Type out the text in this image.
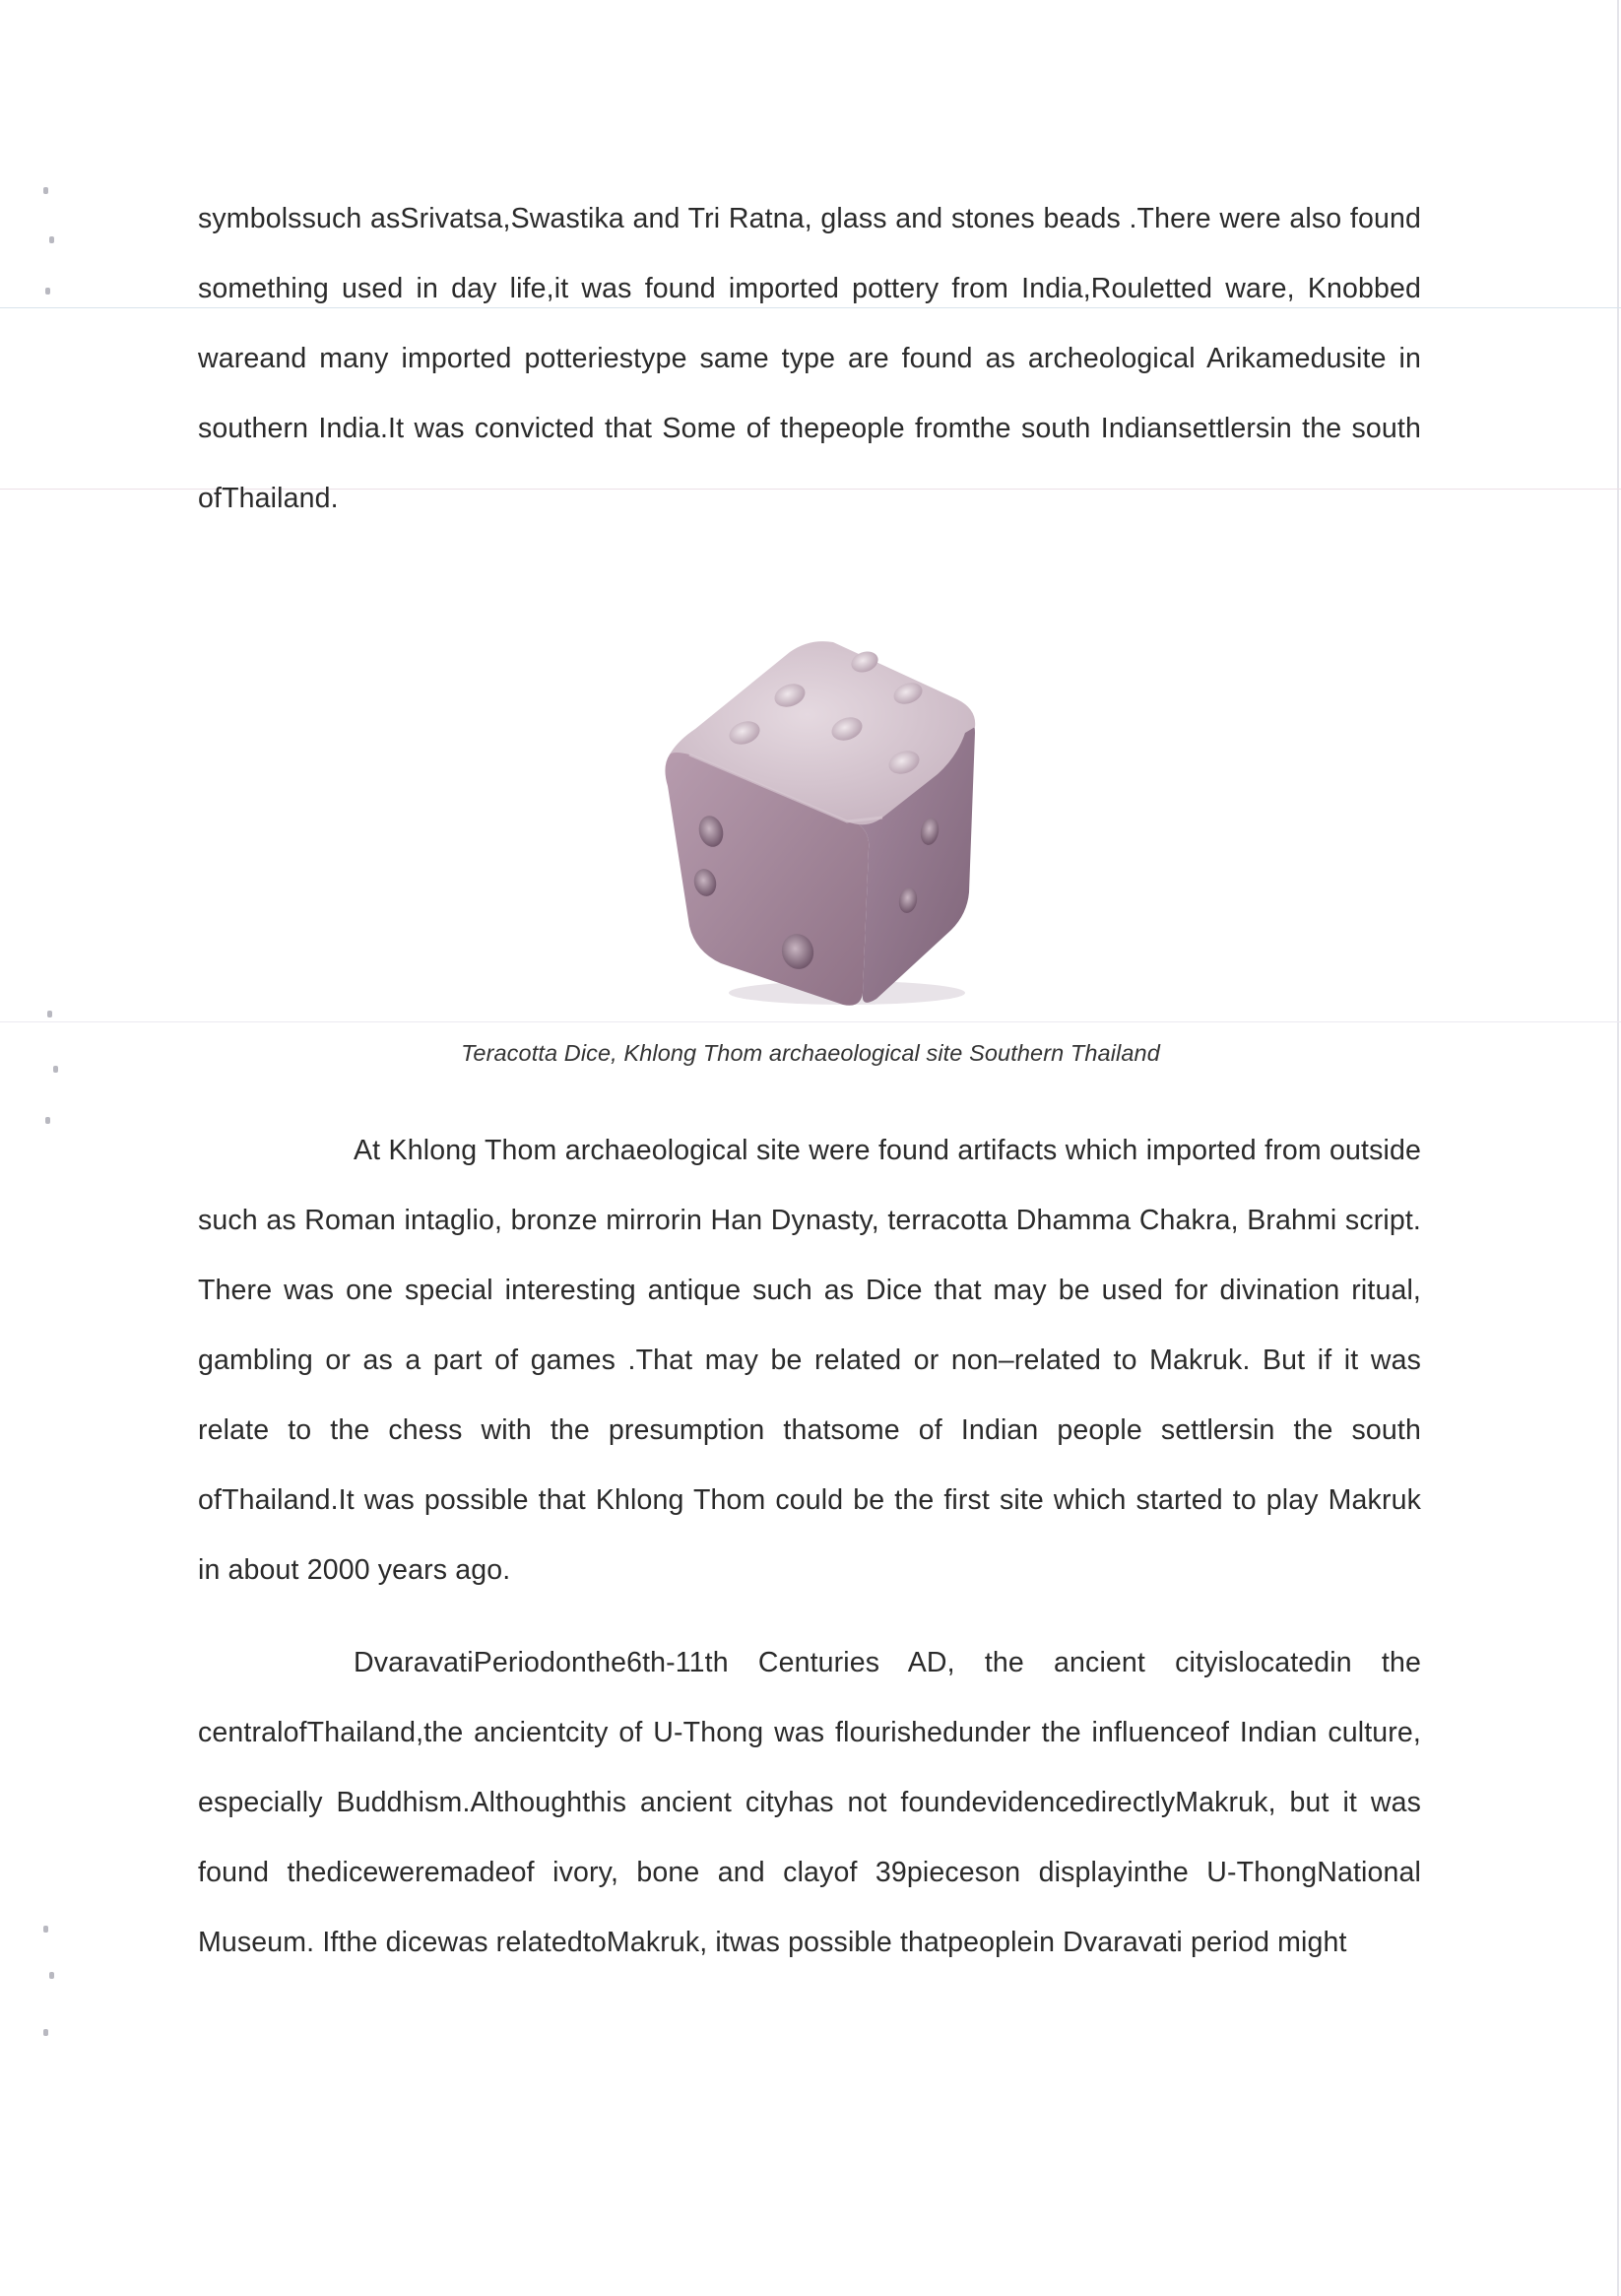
symbolssuch asSrivatsa,Swastika and Tri Ratna, glass and stones beads .There were also found something used in day life,it was found imported pottery from India,Rouletted ware, Knobbed wareand many imported potteriestype same type are found as archeological Arikamedusite in southern India.It was convicted that Some of thepeople fromthe south Indiansettlersin the south ofThailand.

Teracotta Dice, Khlong Thom archaeological site Southern Thailand

At Khlong Thom archaeological site were found artifacts which imported from outside such as Roman intaglio, bronze mirrorin Han Dynasty, terracotta Dhamma Chakra, Brahmi script. There was one special interesting antique such as Dice that may be used for divination ritual, gambling or as a part of games .That may be related or non–related to Makruk. But if it was relate to the chess with the presumption thatsome of Indian people settlersin the south ofThailand.It was possible that Khlong Thom could be the first site which started to play Makruk in about 2000 years ago.

DvaravatiPeriodonthe6th-11th Centuries AD, the ancient cityislocatedin the centralofThailand,the ancientcity of U-Thong was flourishedunder the influenceof Indian culture, especially Buddhism.Althoughthis ancient cityhas not foundevidencedirectlyMakruk, but it was found thediceweremadeof ivory, bone and clayof 39pieceson displayinthe U-ThongNational Museum. Ifthe dicewas relatedtoMakruk, itwas possible thatpeoplein Dvaravati period might
